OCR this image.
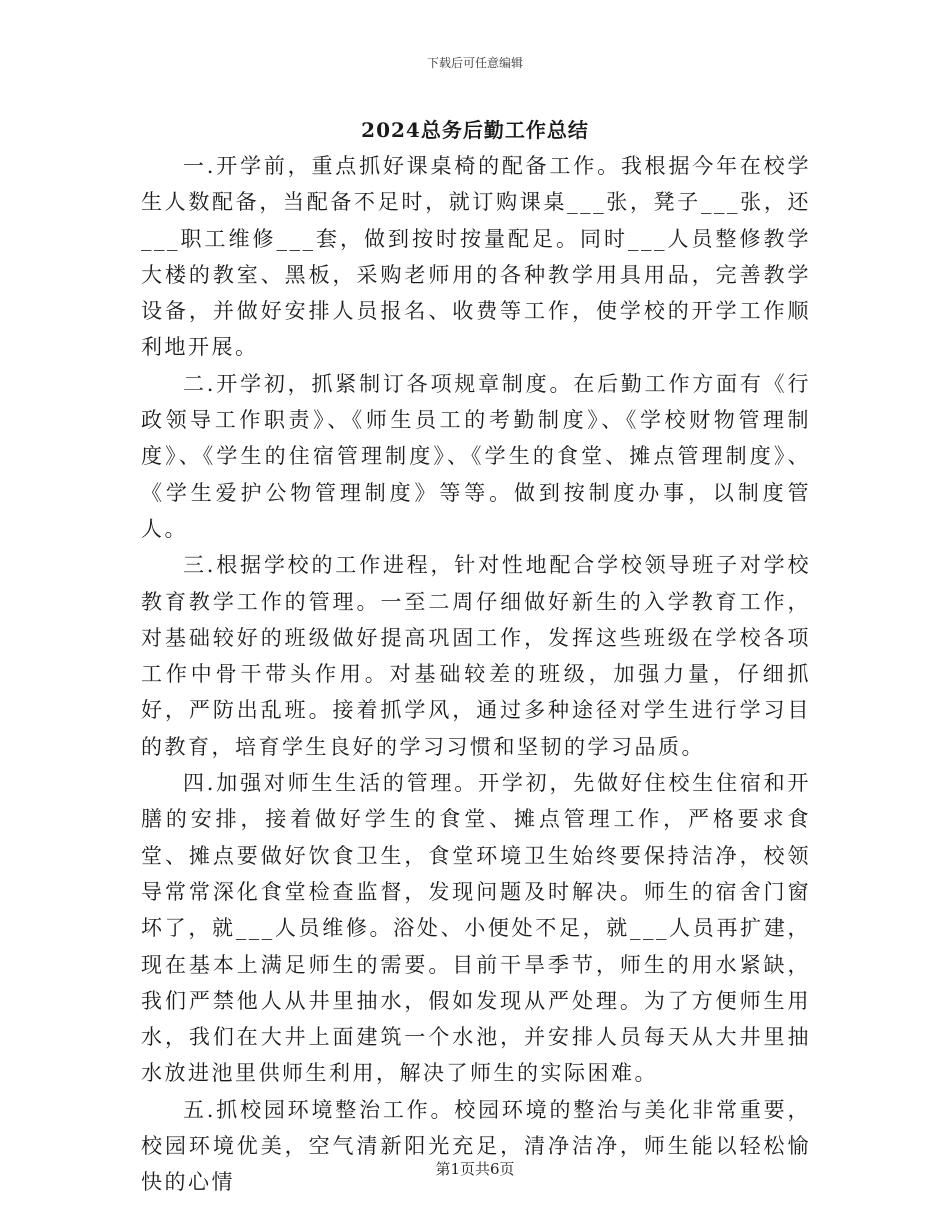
下载后可任意编辑
2024总务后勤工作总结

一.开学前，重点抓好课桌椅的配备工作。我根据今年在校学生人数配备，当配备不足时，就订购课桌___张，凳子___张，还___职工维修___套，做到按时按量配足。同时___人员整修教学大楼的教室、黑板，采购老师用的各种教学用具用品，完善教学设备，并做好安排人员报名、收费等工作，使学校的开学工作顺利地开展。

二.开学初，抓紧制订各项规章制度。在后勤工作方面有《行政领导工作职责》、《师生员工的考勤制度》、《学校财物管理制度》、《学生的住宿管理制度》、《学生的食堂、摊点管理制度》、《学生爱护公物管理制度》等等。做到按制度办事，以制度管人。

三.根据学校的工作进程，针对性地配合学校领导班子对学校教育教学工作的管理。一至二周仔细做好新生的入学教育工作，对基础较好的班级做好提高巩固工作，发挥这些班级在学校各项工作中骨干带头作用。对基础较差的班级，加强力量，仔细抓好，严防出乱班。接着抓学风，通过多种途径对学生进行学习目的教育，培育学生良好的学习习惯和坚韧的学习品质。

四.加强对师生生活的管理。开学初，先做好住校生住宿和开膳的安排，接着做好学生的食堂、摊点管理工作，严格要求食堂、摊点要做好饮食卫生，食堂环境卫生始终要保持洁净，校领导常常深化食堂检查监督，发现问题及时解决。师生的宿舍门窗坏了，就___人员维修。浴处、小便处不足，就___人员再扩建，现在基本上满足师生的需要。目前干旱季节，师生的用水紧缺，我们严禁他人从井里抽水，假如发现从严处理。为了方便师生用水，我们在大井上面建筑一个水池，并安排人员每天从大井里抽水放进池里供师生利用，解决了师生的实际困难。

五.抓校园环境整治工作。校园环境的整治与美化非常重要，校园环境优美，空气清新阳光充足，清净洁净，师生能以轻松愉快的心情

第1页共6页
